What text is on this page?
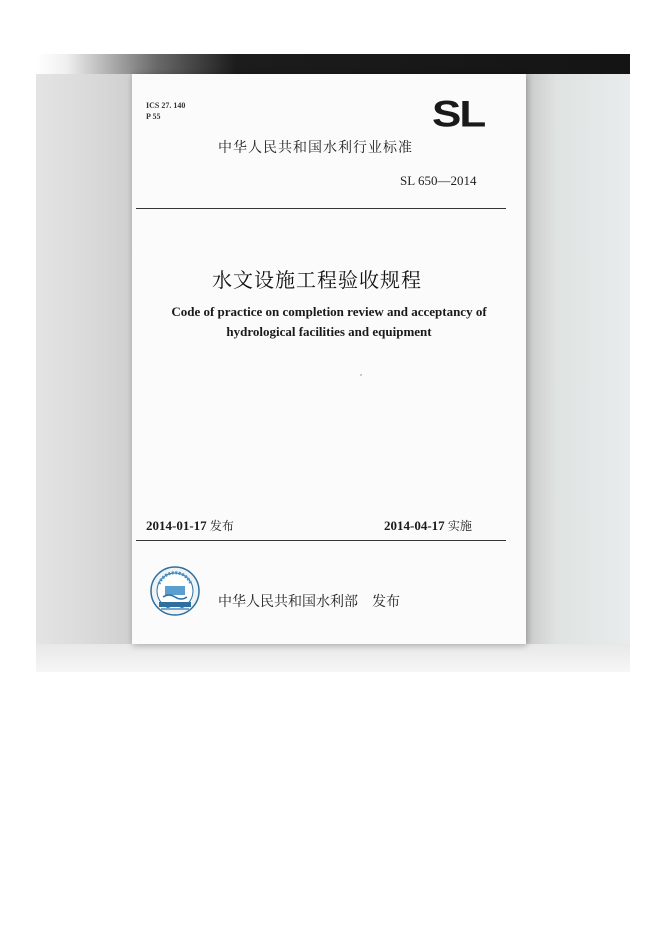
ICS 27. 140
P 55	SL
中华人民共和国水利行业标准
SL 650—2014
水文设施工程验收规程
Code of practice on completion review and acceptancy of
hydrological facilities and equipment
2014-01-17 发布	2014-04-17 实施
中华人民共和国水利部　发布
